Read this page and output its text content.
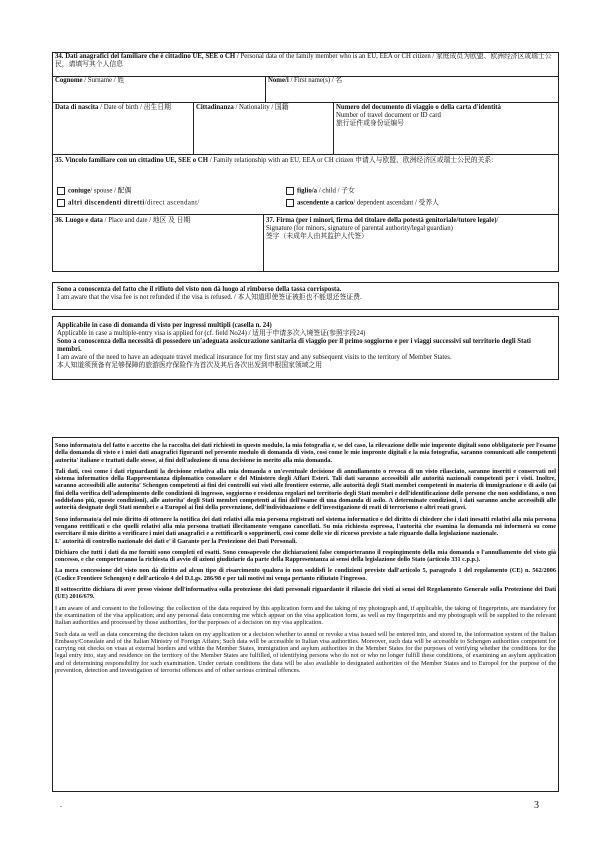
34. Dati anagrafici del familiare che è cittadino UE, SEE o CH / Personal data of the family member who is an EU, EEA or CH citizen / 家庭成员为欧盟、欧洲经济区或瑞士公民，请填写其个人信息
Cognome / Surname / 姓	Nome/i / First name(s) / 名
Data di nascita / Date of birth / 出生日期	Cittadinanza / Nationality / 国籍	Numero del documento di viaggio o della carta d'identità
Number of travel document or ID card
旅行证件或身份证编号
35. Vincolo familiare con un cittadino UE, SEE o CH / Family relationship with an EU, EEA or CH citizen 申请人与欧盟、欧洲经济区或瑞士公民的关系:
coniuge/ spouse / 配偶	figlio/a / child / 子女
altri discendenti diretti/direct ascendant/	ascendente a carico/ dependent ascendant / 受养人
36. Luogo e data / Place and date / 地区 及 日期	37. Firma (per i minori, firma del titolare della potestà genitoriale/tutore legale)/
Signature (for minors, signature of parental authority/legal guardian)
签字（未成年人由其监护人代签）
Sono a conoscenza del fatto che il rifiuto del visto non dà luogo al rimborso della tassa corrisposta.
I am aware that the visa fee is not refunded if the visa is refused. / 本人知道即使签证被拒也不能退还签证费.
Applicabile in caso di domanda di visto per ingressi multipli (casella n. 24)
Applicable in case a multiple-entry visa is applied for (cf. field No24) / 适用于申请多次入境签证(参照字段24)
Sono a conoscenza della necessità di possedere un'adeguata assicurazione sanitaria di viaggio per il primo soggiorno e per i viaggi successivi sul territorio degli Stati membri.
I am aware of the need to have an adequate travel medical insurance for my first stay and any subsequent visits to the territory of Member States.
本人知道须预备有足够保障的旅游医疗保险作为首次及其后各次出发到申根国家领域之用

Sono informato/a del fatto e accetto che la raccolta dei dati richiesti in questo modulo, la mia fotografia e, se del caso, la rilevazione delle mie impronte digitali sono obbligatorie per l'esame della domanda di visto e i miei dati anagrafici figuranti nel presente modulo di domanda di visto, così come le mie impronte digitali e la mia fotografia, saranno comunicati alle competenti autorita' italiane e trattati dalle stesse, ai fini dell'adozione di una decisione in merito alla mia domanda.

Tali dati, così come i dati riguardanti la decisione relativa alla mia domanda o un'eventuale decisione di annullamento o revoca di un visto rilasciato, saranno inseriti e conservati nel sistema informatico della Rappresentanza diplomatico consolare e del Ministero degli Affari Esteri. Tali dati saranno accessibili alle autorità nazionali competenti per i visti. Inoltre, saranno accessibili alle autorita' Schengen competenti ai fini dei controlli sui visti alle frontiere esterne, alle autorità degli Stati membri competenti in materia di immigrazione e di asilo (ai fini della verifica dell'adempimento delle condizioni di ingresso, soggiorno e residenza regolari nel territorio degli Stati membri e dell'identificazione delle persone che non soddisfano, o non soddisfano più, queste condizioni), alle autorita' degli Stati membri competenti ai fini dell'esame di una domanda di asilo. A determinate condizioni, i dati saranno anche accessibili alle autorità designate degli Stati membri e a Europol ai fini della prevenzione, dell'individuazione e dell'investigazione di reati di terrorismo e altri reati gravi.

Sono informato/a del mio diritto di ottenere la notifica dei dati relativi alla mia persona registrati nel sistema informatico e del diritto di chiedere che i dati inesatti relativi alla mia persona vengano rettificati e che quelli relativi alla mia persona trattati illecitamente vengano cancellati. Su mia richiesta espressa, l'autorità che esamina la domanda mi informerà su come esercitare il mio diritto a verificare i miei dati anagrafici e a rettificarli o sopprimerli, così come delle vie di ricorso previste a tale riguardo dalla legislazione nazionale.

L' autorità di controllo nazionale dei dati e' il Garante per la Protezione dei Dati Personali.

Dichiaro che tutti i dati da me forniti sono completi ed esatti. Sono consapevole che dichiarazioni false comporteranno il respingimento della mia domanda o l'annullamento del visto già concesso, e che comporteranno la richiesta di avvio di azioni giudiziarie da parte della Rappresentanza ai sensi della legislazione dello Stato (articolo 331 c.p.p.).

La mera concessione del visto non dà diritto ad alcun tipo di risarcimento qualora io non soddisfi le condizioni previste dall'articolo 5, paragrafo 1 del regolamento (CE) n. 562/2006 (Codice Frontiere Schengen) e dell'articolo 4 del D.Lgs. 286/98 e per tali motivi mi venga pertanto rifiutato l'ingresso.

Il sottoscritto dichiara di aver preso visione dell'informativa sulla protezione dei dati personali riguardante il rilascio dei visti ai sensi del Regolamento Generale sulla Protezione dei Dati (UE) 2016/679.

I am aware of and consent to the following: the collection of the data required by this application form and the taking of my photograph and, if applicable, the taking of fingerprints, are mandatory for the examination of the visa application; and any personal data concerning me which appear on the visa application form, as well as my fingerprints and my photograph will be supplied to the relevant Italian authorities and processed by those authorities, for the purposes of a decision on my visa application.

Such data as well as data concerning the decision taken on my application or a decision whether to annul or revoke a visa issued will be entered into, and stored in, the information system of the Italian Embassy/Consulate and of the Italian Ministry of Foreign Affairs; Such data will be accessible to Italian visa authorities. Moreover, such data will be accessible to Schengen authorities competent for carrying out checks on visas at external borders and within the Member States, immigration and asylum authorities in the Member States for the purposes of verifying whether the conditions for the legal entry into, stay and residence on the territory of the Member States are fulfilled, of identifying persons who do not or who no longer fulfill these conditions, of examining an asylum application and of determining responsibility for such examination. Under certain conditions the data will be also available to designated authorities of the Member States and to Europol for the purpose of the prevention, detection and investigation of terrorist offences and of other serious criminal offences.

.	3
